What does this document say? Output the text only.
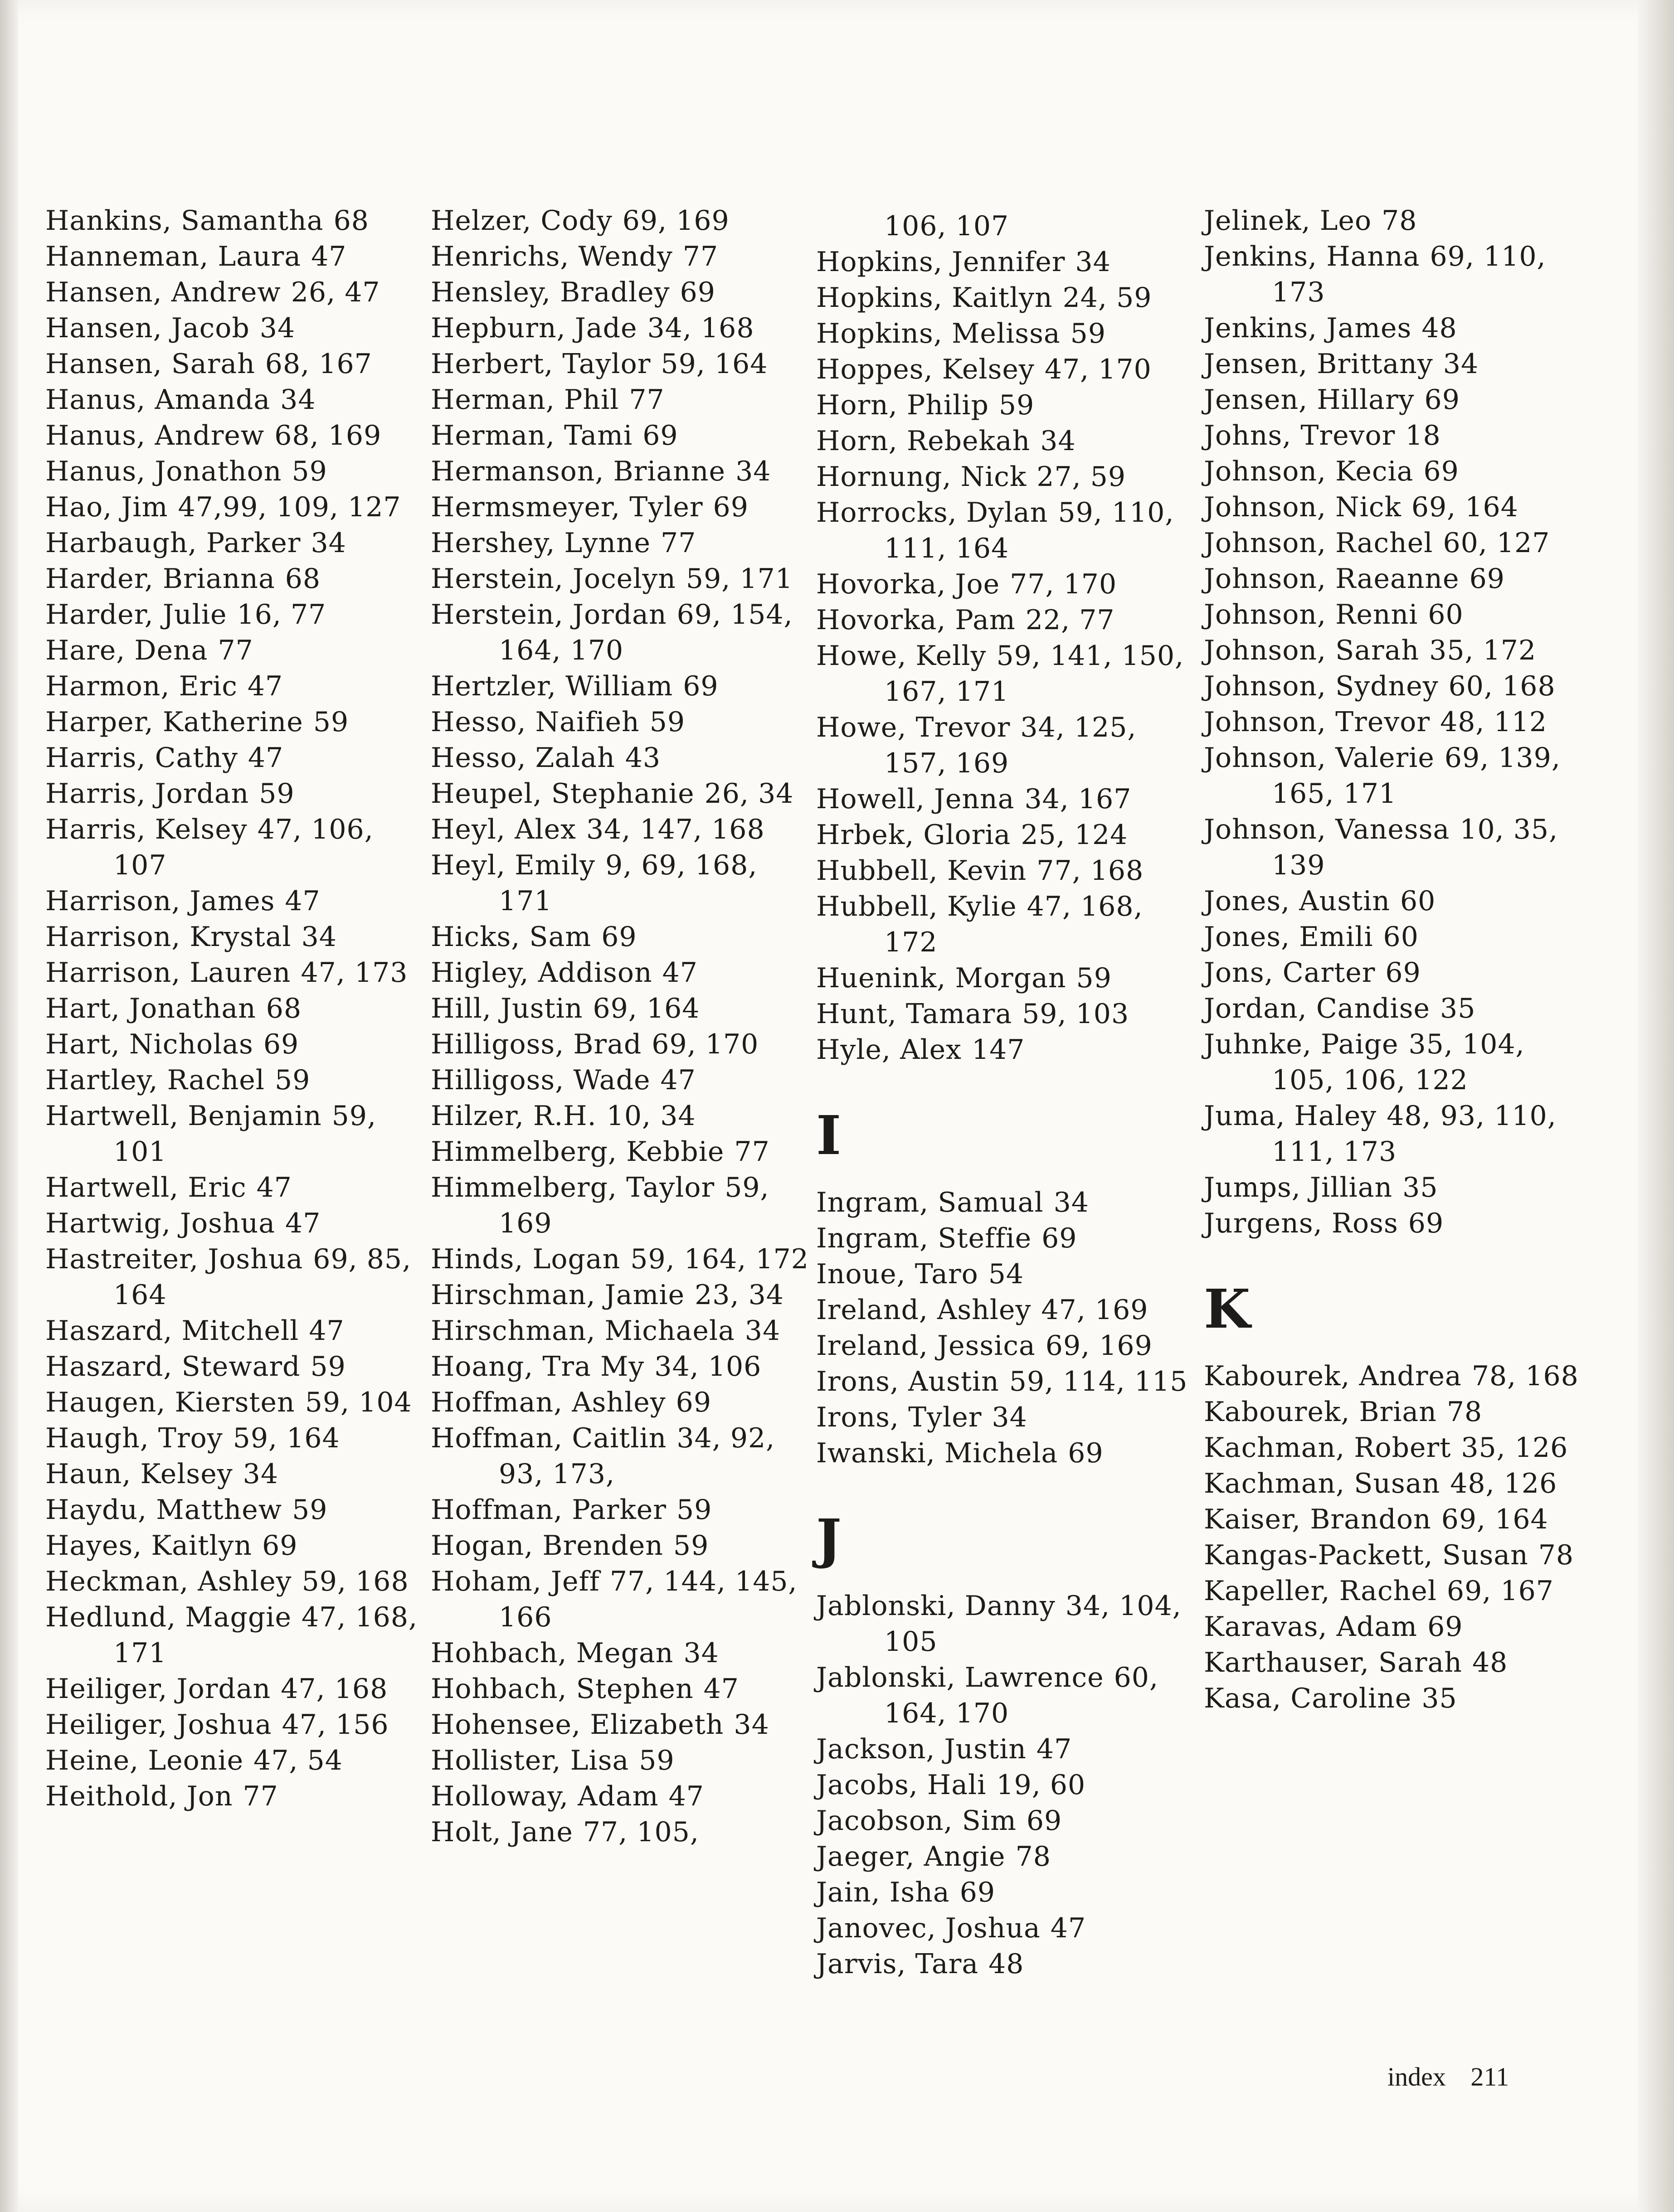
Hankins, Samantha 68

Hanneman, Laura 47

Hansen, Andrew 26, 47

Hansen, Jacob 34

Hansen, Sarah 68, 167

Hanus, Amanda 34

Hanus, Andrew 68, 169

Hanus, Jonathon 59

Hao, Jim 47,99, 109, 127

Harbaugh, Parker 34

Harder, Brianna 68

Harder, Julie 16, 77

Hare, Dena 77

Harmon, Eric 47

Harper, Katherine 59

Harris, Cathy 47

Harris, Jordan 59

Harris, Kelsey 47, 106, 107

Harrison, James 47

Harrison, Krystal 34

Harrison, Lauren 47, 173

Hart, Jonathan 68

Hart, Nicholas 69

Hartley, Rachel 59

Hartwell, Benjamin 59, 101

Hartwell, Eric 47

Hartwig, Joshua 47

Hastreiter, Joshua 69, 85, 164

Haszard, Mitchell 47

Haszard, Steward 59

Haugen, Kiersten 59, 104

Haugh, Troy 59, 164

Haun, Kelsey 34

Haydu, Matthew 59

Hayes, Kaitlyn 69

Heckman, Ashley 59, 168

Hedlund, Maggie 47, 168, 171

Heiliger, Jordan 47, 168

Heiliger, Joshua 47, 156

Heine, Leonie 47, 54

Heithold, Jon 77

Helzer, Cody 69, 169

Henrichs, Wendy 77

Hensley, Bradley 69

Hepburn, Jade 34, 168

Herbert, Taylor 59, 164

Herman, Phil 77

Herman, Tami 69

Hermanson, Brianne 34

Hermsmeyer, Tyler 69

Hershey, Lynne 77

Herstein, Jocelyn 59, 171

Herstein, Jordan 69, 154, 164, 170

Hertzler, William 69

Hesso, Naifieh 59

Hesso, Zalah 43

Heupel, Stephanie 26, 34

Heyl, Alex 34, 147, 168

Heyl, Emily 9, 69, 168, 171

Hicks, Sam 69

Higley, Addison 47

Hill, Justin 69, 164

Hilligoss, Brad 69, 170

Hilligoss, Wade 47

Hilzer, R.H. 10, 34

Himmelberg, Kebbie 77

Himmelberg, Taylor 59, 169

Hinds, Logan 59, 164, 172

Hirschman, Jamie 23, 34

Hirschman, Michaela 34

Hoang, Tra My 34, 106

Hoffman, Ashley 69

Hoffman, Caitlin 34, 92, 93, 173,

Hoffman, Parker 59

Hogan, Brenden 59

Hoham, Jeff 77, 144, 145, 166

Hohbach, Megan 34

Hohbach, Stephen 47

Hohensee, Elizabeth 34

Hollister, Lisa 59

Holloway, Adam 47

Holt, Jane 77, 105,

106, 107

Hopkins, Jennifer 34

Hopkins, Kaitlyn 24, 59

Hopkins, Melissa 59

Hoppes, Kelsey 47, 170

Horn, Philip 59

Horn, Rebekah 34

Hornung, Nick 27, 59

Horrocks, Dylan 59, 110, 111, 164

Hovorka, Joe 77, 170

Hovorka, Pam 22, 77

Howe, Kelly 59, 141, 150, 167, 171

Howe, Trevor 34, 125, 157, 169

Howell, Jenna 34, 167

Hrbek, Gloria 25, 124

Hubbell, Kevin 77, 168

Hubbell, Kylie 47, 168, 172

Huenink, Morgan 59

Hunt, Tamara 59, 103

Hyle, Alex 147

I

Ingram, Samual 34

Ingram, Steffie 69

Inoue, Taro 54

Ireland, Ashley 47, 169

Ireland, Jessica 69, 169

Irons, Austin 59, 114, 115

Irons, Tyler 34

Iwanski, Michela 69

J

Jablonski, Danny 34, 104, 105

Jablonski, Lawrence 60, 164, 170

Jackson, Justin 47

Jacobs, Hali 19, 60

Jacobson, Sim 69

Jaeger, Angie 78

Jain, Isha 69

Janovec, Joshua 47

Jarvis, Tara 48

Jelinek, Leo 78

Jenkins, Hanna 69, 110, 173

Jenkins, James 48

Jensen, Brittany 34

Jensen, Hillary 69

Johns, Trevor 18

Johnson, Kecia 69

Johnson, Nick 69, 164

Johnson, Rachel 60, 127

Johnson, Raeanne 69

Johnson, Renni 60

Johnson, Sarah 35, 172

Johnson, Sydney 60, 168

Johnson, Trevor 48, 112

Johnson, Valerie 69, 139, 165, 171

Johnson, Vanessa 10, 35, 139

Jones, Austin 60

Jones, Emili 60

Jons, Carter 69

Jordan, Candise 35

Juhnke, Paige 35, 104, 105, 106, 122

Juma, Haley 48, 93, 110, 111, 173

Jumps, Jillian 35

Jurgens, Ross 69

K

Kabourek, Andrea 78, 168

Kabourek, Brian 78

Kachman, Robert 35, 126

Kachman, Susan 48, 126

Kaiser, Brandon 69, 164

Kangas-Packett, Susan 78

Kapeller, Rachel 69, 167

Karavas, Adam 69

Karthauser, Sarah 48

Kasa, Caroline 35

index 211
